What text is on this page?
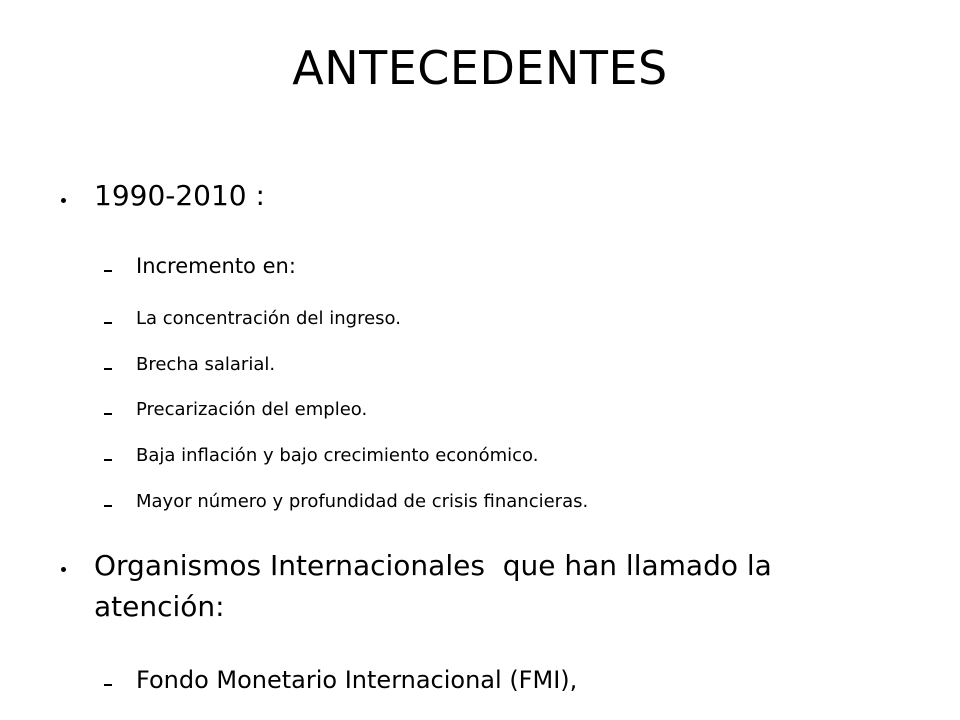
ANTECEDENTES
1990-2010 :
Incremento en:
La concentración del ingreso.
Brecha salarial.
Precarización del empleo.
Baja inflación y bajo crecimiento económico.
Mayor número y profundidad de crisis financieras.
Organismos Internacionales  que han llamado la atención:
Fondo Monetario Internacional (FMI),
